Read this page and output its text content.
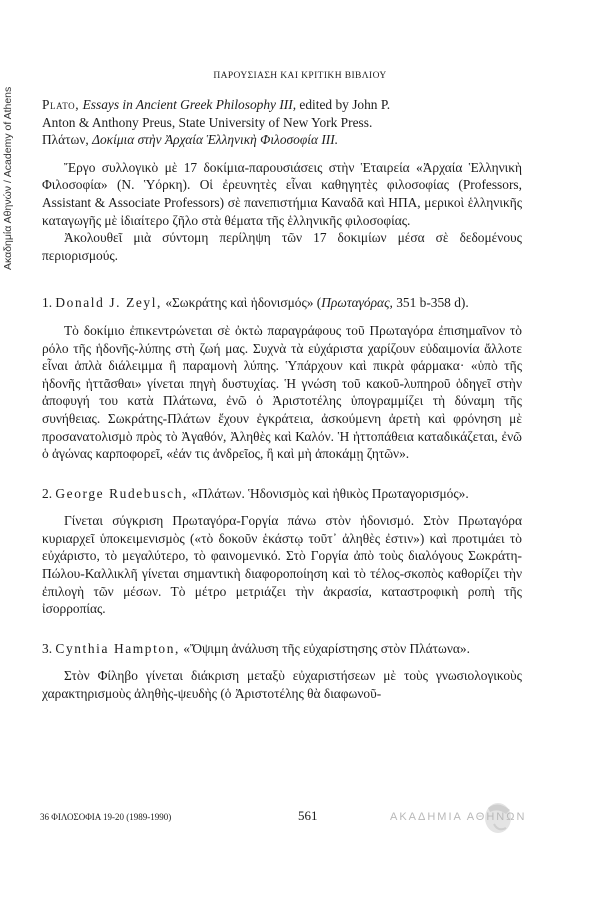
Ακαδημία Αθηνών / Academy of Athens
ΠΑΡΟΥΣΙΑΣΗ ΚΑΙ ΚΡΙΤΙΚΗ ΒΙΒΛΙΟΥ

Plato, Essays in Ancient Greek Philosophy III, edited by John P.
Anton & Anthony Preus, State University of New York Press.
Πλάτων, Δοκίμια στὴν Ἀρχαία Ἑλληνικὴ Φιλοσοφία III.

Ἔργο συλλογικὸ μὲ 17 δοκίμια-παρουσιάσεις στὴν Ἑταιρεία «Ἀρχαία Ἑλληνικὴ Φιλοσοφία» (Ν. Ὑόρκη). Οἱ ἐρευνητὲς εἶναι καθηγητὲς φιλοσοφίας (Professors, Assistant & Associate Professors) σὲ πανεπιστήμια Καναδᾶ καὶ ΗΠΑ, μερικοὶ ἑλληνικῆς καταγωγῆς μὲ ἰδιαίτερο ζῆλο στὰ θέματα τῆς ἑλληνικῆς φιλοσοφίας.

Ἀκολουθεῖ μιὰ σύντομη περίληψη τῶν 17 δοκιμίων μέσα σὲ δεδομένους περιορισμούς.

1. Donald J. Zeyl, «Σωκράτης καὶ ἡδονισμός» (Πρωταγόρας, 351 b-358 d).

Τὸ δοκίμιο ἐπικεντρώνεται σὲ ὀκτὼ παραγράφους τοῦ Πρωταγόρα ἐπισημαῖνον τὸ ρόλο τῆς ἡδονῆς-λύπης στὴ ζωή μας. Συχνὰ τὰ εὐχάριστα χαρίζουν εὐδαιμονία ἄλλοτε εἶναι ἁπλὰ διάλειμμα ἢ παραμονὴ λύπης. Ὑπάρχουν καὶ πικρὰ φάρμακα· «ὑπὸ τῆς ἡδονῆς ἡττᾶσθαι» γίνεται πηγὴ δυστυχίας. Ἡ γνώση τοῦ κακοῦ-λυπηροῦ ὁδηγεῖ στὴν ἀποφυγή του κατὰ Πλάτωνα, ἐνῶ ὁ Ἀριστοτέλης ὑπογραμμίζει τὴ δύναμη τῆς συνήθειας. Σωκράτης-Πλάτων ἔχουν ἐγκράτεια, ἀσκούμενη ἀρετὴ καὶ φρόνηση μὲ προσανατολισμὸ πρὸς τὸ Ἀγαθόν, Ἀληθὲς καὶ Καλόν. Ἡ ἡττοπάθεια καταδικάζεται, ἐνῶ ὁ ἀγώνας καρποφορεῖ, «ἐάν τις ἀνδρεῖος, ἢ καὶ μὴ ἀποκάμῃ ζητῶν».

2. George Rudebusch, «Πλάτων. Ἡδονισμὸς καὶ ἠθικὸς Πρωταγορισμός».

Γίνεται σύγκριση Πρωταγόρα-Γοργία πάνω στὸν ἡδονισμό. Στὸν Πρωταγόρα κυριαρχεῖ ὑποκειμενισμὸς («τὸ δοκοῦν ἑκάστῳ τοῦτ᾽ ἀληθὲς ἐστιν») καὶ προτιμάει τὸ εὐχάριστο, τὸ μεγαλύτερο, τὸ φαινομενικό. Στὸ Γοργία ἀπὸ τοὺς διαλόγους Σωκράτη-Πώλου-Καλλικλῆ γίνεται σημαντικὴ διαφοροποίηση καὶ τὸ τέλος-σκοπὸς καθορίζει τὴν ἐπιλογὴ τῶν μέσων. Τὸ μέτρο μετριάζει τὴν ἀκρασία, καταστροφικὴ ροπὴ τῆς ἰσορροπίας.

3. Cynthia Hampton, «Ὄψιμη ἀνάλυση τῆς εὐχαρίστησης στὸν Πλάτωνα».

Στὸν Φίληβο γίνεται διάκριση μεταξὺ εὐχαριστήσεων μὲ τοὺς γνωσιολογικοὺς χαρακτηρισμοὺς ἀληθὴς-ψευδὴς (ὁ Ἀριστοτέλης θὰ διαφωνοῦ-

36 ΦΙΛΟΣΟΦΙΑ 19-20 (1989-1990)	561	ΑΚΑΔΗΜΙΑ ΑΘΗΝΩΝ
